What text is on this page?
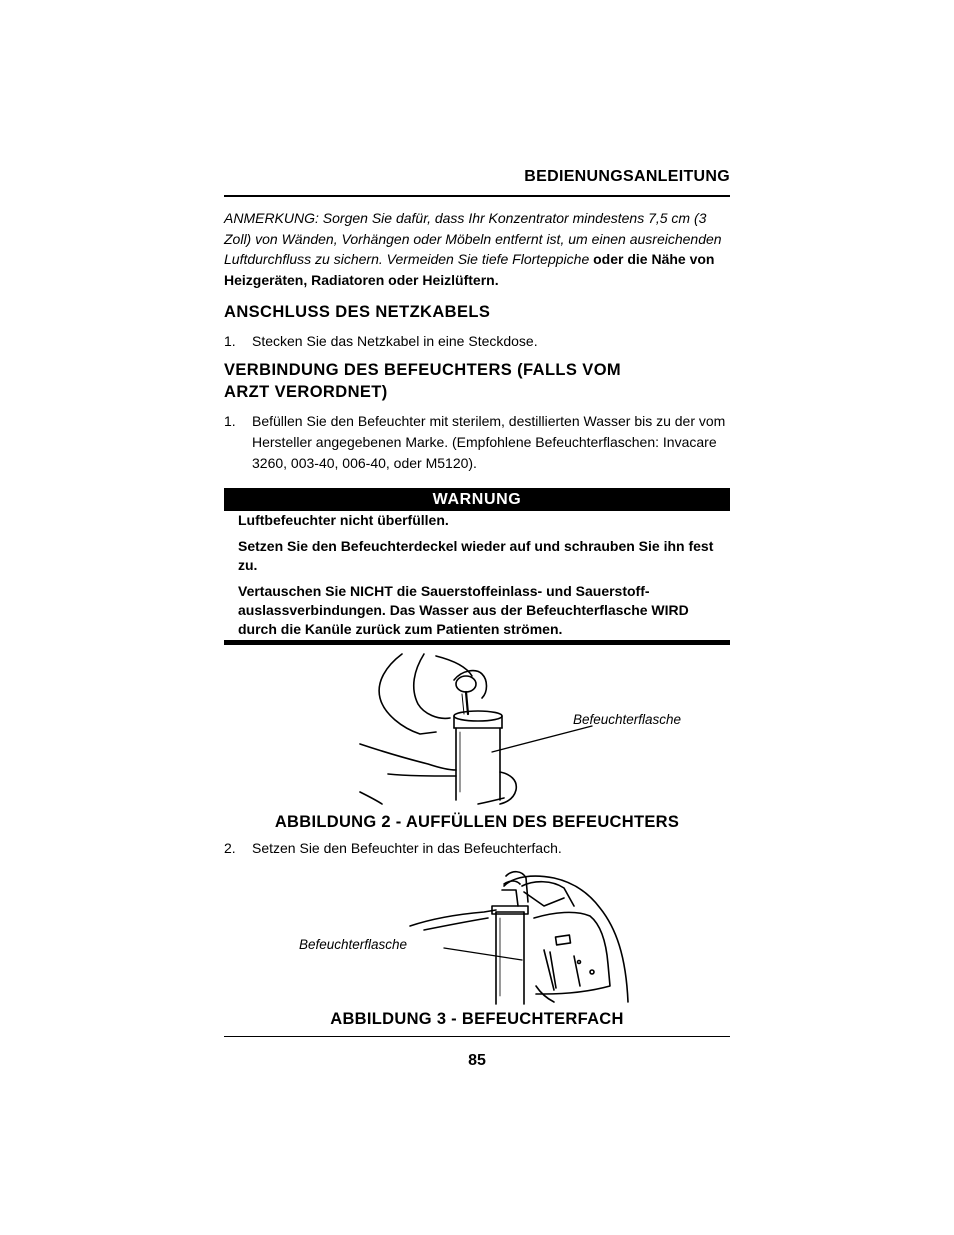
BEDIENUNGSANLEITUNG
ANMERKUNG: Sorgen Sie dafür, dass Ihr Konzentrator mindestens 7,5 cm (3 Zoll) von Wänden, Vorhängen oder Möbeln entfernt ist, um einen ausreichenden Luftdurchfluss zu sichern. Vermeiden Sie tiefe Florteppiche oder die Nähe von Heizgeräten, Radiatoren oder Heizlüftern.
ANSCHLUSS DES NETZKABELS
1.	Stecken Sie das Netzkabel in eine Steckdose.
VERBINDUNG DES BEFEUCHTERS (FALLS VOM
ARZT VERORDNET)
1.	Befüllen Sie den Befeuchter mit sterilem, destillierten Wasser bis zu der vom Hersteller angegebenen Marke. (Empfohlene Befeuchterflaschen: Invacare 3260, 003-40, 006-40, oder M5120).
WARNUNG
Luftbefeuchter nicht überfüllen.
Setzen Sie den Befeuchterdeckel wieder auf und schrauben Sie ihn fest zu.
Vertauschen Sie NICHT die Sauerstoffeinlass- und Sauerstoff-auslassverbindungen. Das Wasser aus der Befeuchterflasche WIRD durch die Kanüle zurück zum Patienten strömen.
Befeuchterflasche
ABBILDUNG 2 - AUFFÜLLEN DES BEFEUCHTERS
2.	Setzen Sie den Befeuchter in das Befeuchterfach.
Befeuchterflasche
ABBILDUNG 3 - BEFEUCHTERFACH
85
